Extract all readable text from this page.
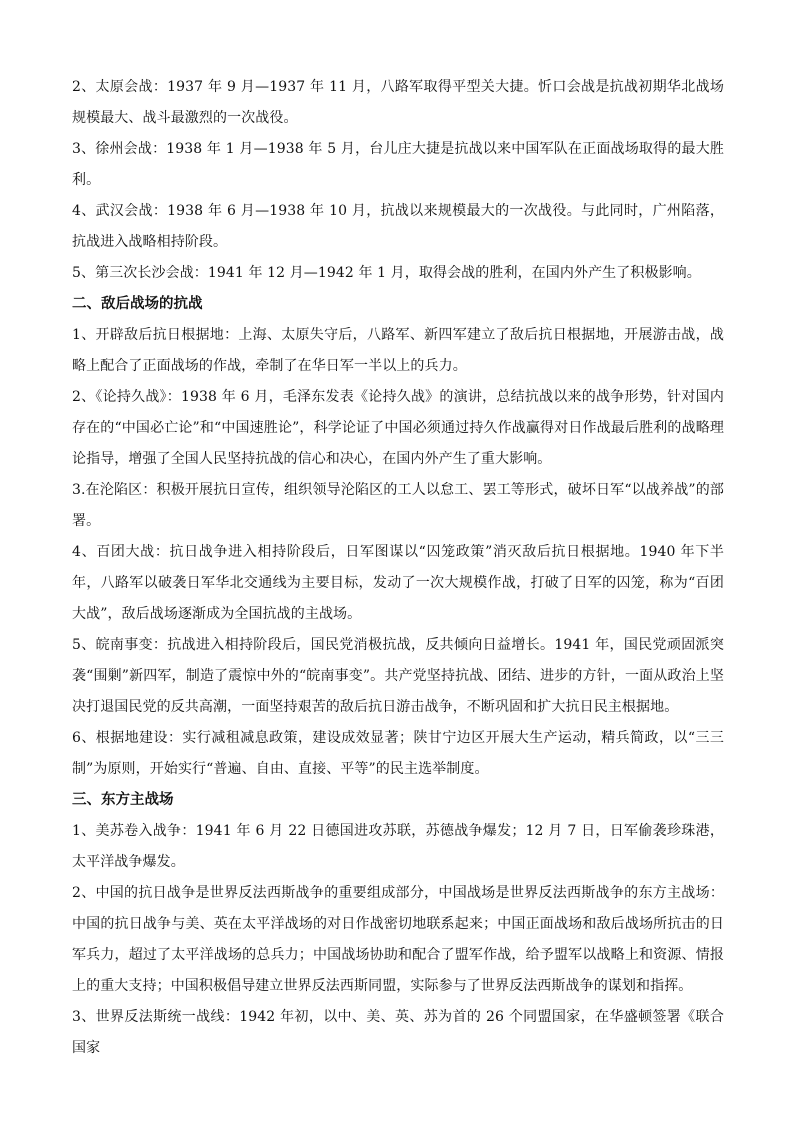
2、太原会战：1937 年 9 月—1937 年 11 月，八路军取得平型关大捷。忻口会战是抗战初期华北战场规模最大、战斗最激烈的一次战役。

3、徐州会战：1938 年 1 月—1938 年 5 月，台儿庄大捷是抗战以来中国军队在正面战场取得的最大胜利。

4、武汉会战：1938 年 6 月—1938 年 10 月，抗战以来规模最大的一次战役。与此同时，广州陷落，抗战进入战略相持阶段。

5、第三次长沙会战：1941 年 12 月—1942 年 1 月，取得会战的胜利，在国内外产生了积极影响。

二、敌后战场的抗战

1、开辟敌后抗日根据地：上海、太原失守后，八路军、新四军建立了敌后抗日根据地，开展游击战，战略上配合了正面战场的作战，牵制了在华日军一半以上的兵力。

2、《论持久战》：1938 年 6 月，毛泽东发表《论持久战》的演讲，总结抗战以来的战争形势，针对国内存在的“中国必亡论”和“中国速胜论”，科学论证了中国必须通过持久作战赢得对日作战最后胜利的战略理论指导，增强了全国人民坚持抗战的信心和决心，在国内外产生了重大影响。

3.在沦陷区：积极开展抗日宣传，组织领导沦陷区的工人以怠工、罢工等形式，破坏日军“以战养战”的部署。

4、百团大战：抗日战争进入相持阶段后，日军图谋以“囚笼政策”消灭敌后抗日根据地。1940 年下半年，八路军以破袭日军华北交通线为主要目标，发动了一次大规模作战，打破了日军的囚笼，称为“百团大战”，敌后战场逐渐成为全国抗战的主战场。

5、皖南事变：抗战进入相持阶段后，国民党消极抗战，反共倾向日益增长。1941 年，国民党顽固派突袭“围剿”新四军，制造了震惊中外的“皖南事变”。共产党坚持抗战、团结、进步的方针，一面从政治上坚决打退国民党的反共高潮，一面坚持艰苦的敌后抗日游击战争，不断巩固和扩大抗日民主根据地。

6、根据地建设：实行减租减息政策，建设成效显著；陕甘宁边区开展大生产运动，精兵简政，以“三三制”为原则，开始实行“普遍、自由、直接、平等”的民主选举制度。

三、东方主战场

1、美苏卷入战争：1941 年 6 月 22 日德国进攻苏联，苏德战争爆发；12 月 7 日，日军偷袭珍珠港，太平洋战争爆发。

2、中国的抗日战争是世界反法西斯战争的重要组成部分，中国战场是世界反法西斯战争的东方主战场：中国的抗日战争与美、英在太平洋战场的对日作战密切地联系起来；中国正面战场和敌后战场所抗击的日军兵力，超过了太平洋战场的总兵力；中国战场协助和配合了盟军作战，给予盟军以战略上和资源、情报上的重大支持；中国积极倡导建立世界反法西斯同盟，实际参与了世界反法西斯战争的谋划和指挥。

3、世界反法斯统一战线：1942 年初，以中、美、英、苏为首的 26 个同盟国家，在华盛顿签署《联合国家
